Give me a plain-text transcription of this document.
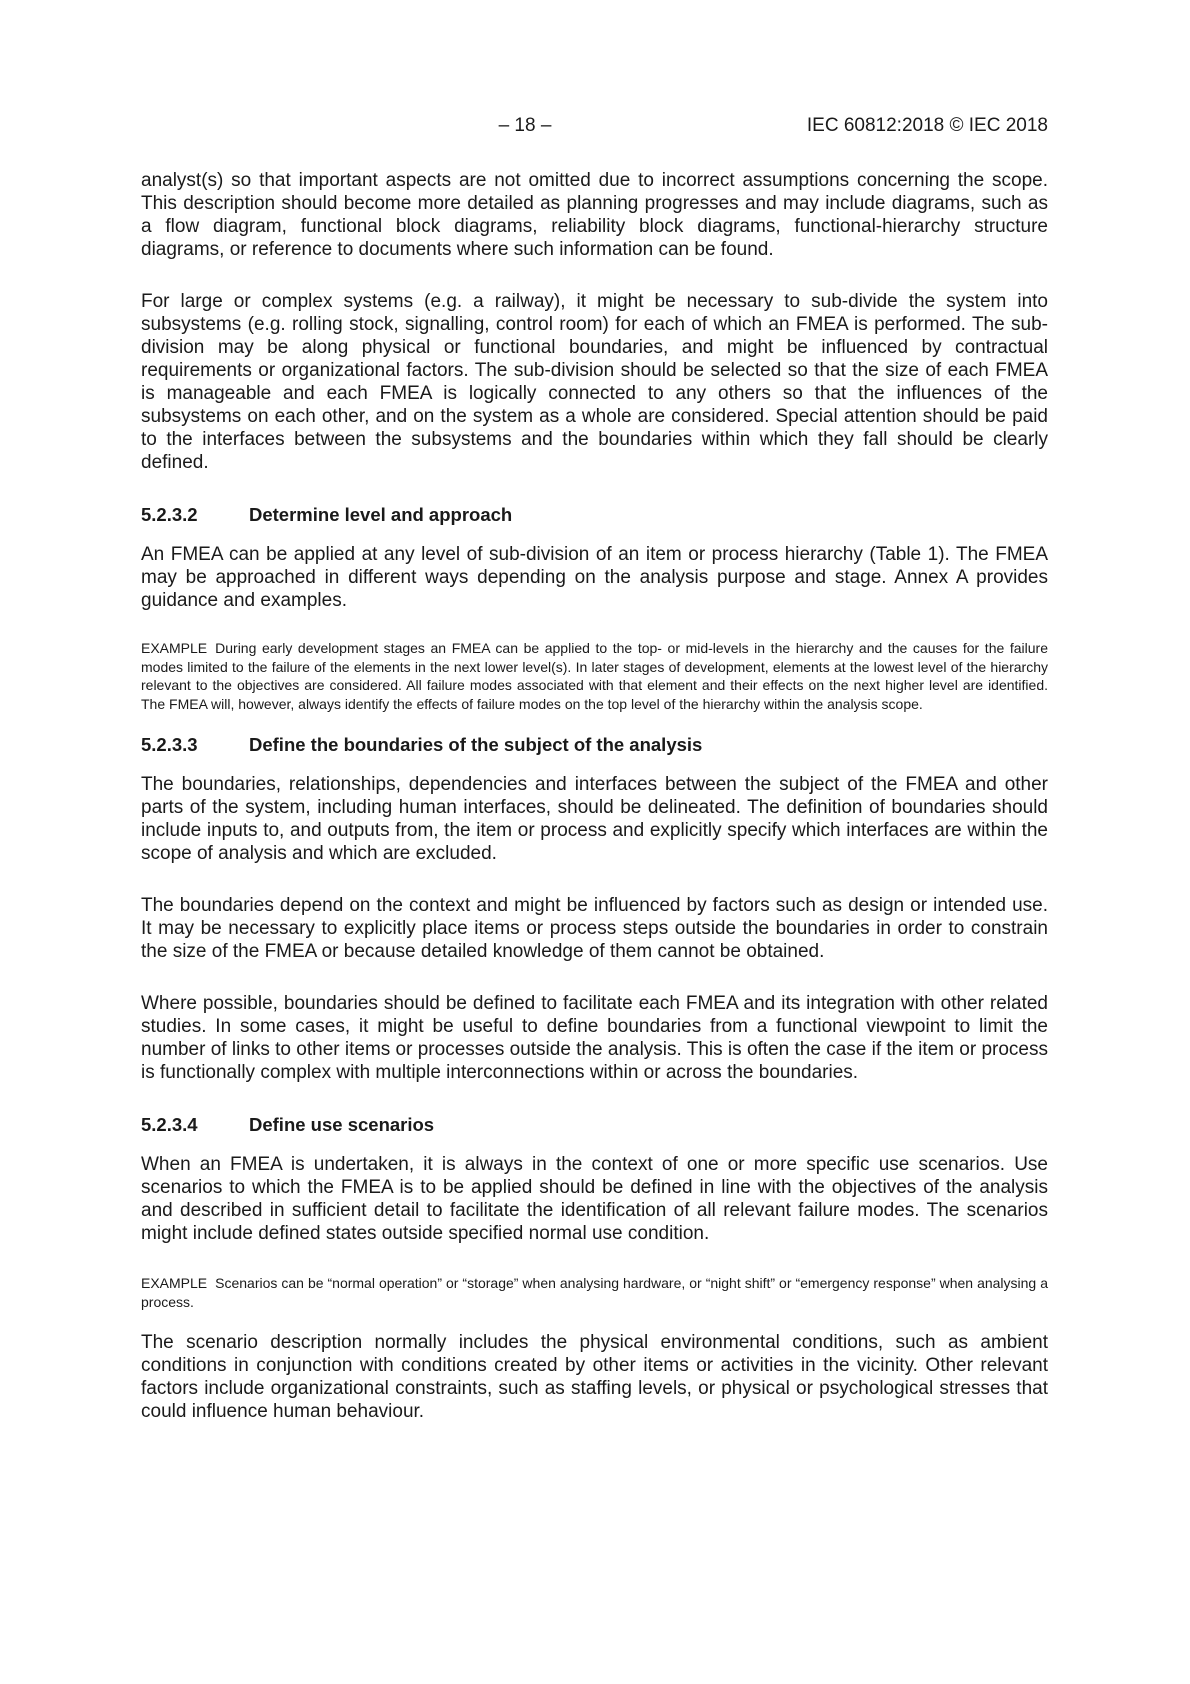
– 18 –	IEC 60812:2018 © IEC 2018

analyst(s) so that important aspects are not omitted due to incorrect assumptions concerning the scope. This description should become more detailed as planning progresses and may include diagrams, such as a flow diagram, functional block diagrams, reliability block diagrams, functional-hierarchy structure diagrams, or reference to documents where such information can be found.

For large or complex systems (e.g. a railway), it might be necessary to sub-divide the system into subsystems (e.g. rolling stock, signalling, control room) for each of which an FMEA is performed. The sub-division may be along physical or functional boundaries, and might be influenced by contractual requirements or organizational factors. The sub-division should be selected so that the size of each FMEA is manageable and each FMEA is logically connected to any others so that the influences of the subsystems on each other, and on the system as a whole are considered. Special attention should be paid to the interfaces between the subsystems and the boundaries within which they fall should be clearly defined.

5.2.3.2	Determine level and approach

An FMEA can be applied at any level of sub-division of an item or process hierarchy (Table 1). The FMEA may be approached in different ways depending on the analysis purpose and stage. Annex A provides guidance and examples.

EXAMPLE During early development stages an FMEA can be applied to the top- or mid-levels in the hierarchy and the causes for the failure modes limited to the failure of the elements in the next lower level(s). In later stages of development, elements at the lowest level of the hierarchy relevant to the objectives are considered. All failure modes associated with that element and their effects on the next higher level are identified. The FMEA will, however, always identify the effects of failure modes on the top level of the hierarchy within the analysis scope.

5.2.3.3	Define the boundaries of the subject of the analysis

The boundaries, relationships, dependencies and interfaces between the subject of the FMEA and other parts of the system, including human interfaces, should be delineated. The definition of boundaries should include inputs to, and outputs from, the item or process and explicitly specify which interfaces are within the scope of analysis and which are excluded.

The boundaries depend on the context and might be influenced by factors such as design or intended use. It may be necessary to explicitly place items or process steps outside the boundaries in order to constrain the size of the FMEA or because detailed knowledge of them cannot be obtained.

Where possible, boundaries should be defined to facilitate each FMEA and its integration with other related studies. In some cases, it might be useful to define boundaries from a functional viewpoint to limit the number of links to other items or processes outside the analysis. This is often the case if the item or process is functionally complex with multiple interconnections within or across the boundaries.

5.2.3.4	Define use scenarios

When an FMEA is undertaken, it is always in the context of one or more specific use scenarios. Use scenarios to which the FMEA is to be applied should be defined in line with the objectives of the analysis and described in sufficient detail to facilitate the identification of all relevant failure modes. The scenarios might include defined states outside specified normal use condition.

EXAMPLE Scenarios can be “normal operation” or “storage” when analysing hardware, or “night shift” or “emergency response” when analysing a process.

The scenario description normally includes the physical environmental conditions, such as ambient conditions in conjunction with conditions created by other items or activities in the vicinity. Other relevant factors include organizational constraints, such as staffing levels, or physical or psychological stresses that could influence human behaviour.
